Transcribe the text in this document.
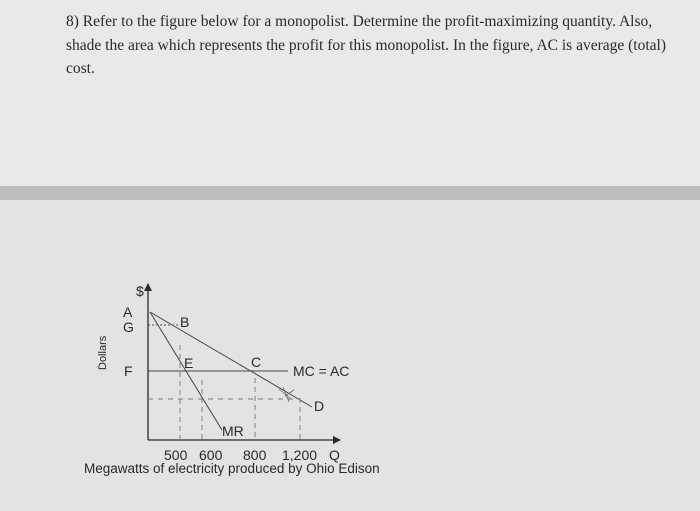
8) Refer to the figure below for a monopolist. Determine the profit-maximizing quantity. Also, shade the area which represents the profit for this monopolist. In the figure, AC is average (total) cost.

$
A
G
F
Dollars
B
E	C
MC = AC
D
MR
500 600 800 1,200 Q

Megawatts of electricity produced by Ohio Edison
